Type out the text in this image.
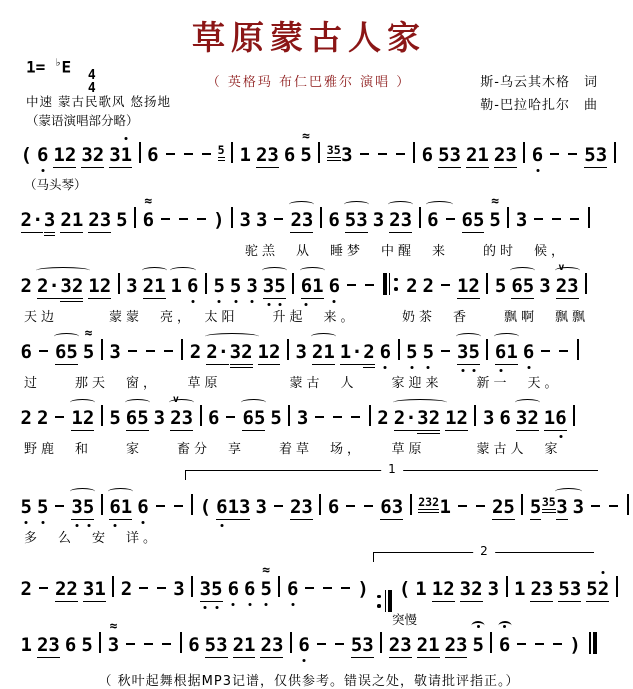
草原蒙古人家
（ 英格玛 布仁巴雅尔 演唱 ）
1= ♭E 4
4
中速 蒙古民歌风 悠扬地
（蒙语演唱部分略）
斯-乌云其木格　词
勒-巴拉哈扎尔　曲
( 6 12 32 31 6	5 1 23 6 5
≈
35
3	6 53 21 23 6 53
（马头琴）
2·
3 21 23 5 6
≈
) 3 3 23 6 53 3 23 6 65 5
≈
3
　　　　　　　　　　　　　驼羔　从　睡梦　中醒　来　　的时　候，
2 2·
32 12 3 21 1 6 5 5 3 3
5 6
1 6	2 2 12 5 65 3 2
v
3
天边　　　蒙蒙　亮，　太阳　　升起　来。　　　奶茶　香　　飘啊　飘飘
6 65 5
≈
3	2 2·
32 12 3 21 1·
2 6 5 5 3
5 6
1 6
过　　那天　窗，　　草原　　　　蒙古　人　　家迎来　　新一　天。
2 2 12 5 65 3 2
v
3 6 65 5 3	2 2·
32 12 3 6 32 16
野鹿　和　　家　　畜分　享　　着草　场，　　草原　　　蒙古人　家
1
5 5 3
5 6
1 6	( 6
13 3 23 6 63 232
1 25 5
35
3 3
多　么　安　详。
2
2 22 31 2 3 3
5 6 6 5
≈
6	) ( 1 12 32 3 1 23 53 52
突慢
1 23 6 5 3
≈
6 53 21 23 6 53 23 21 23 5 6	)
（ 秋叶起舞根据MP3记谱，仅供参考。错误之处，敬请批评指正。）
